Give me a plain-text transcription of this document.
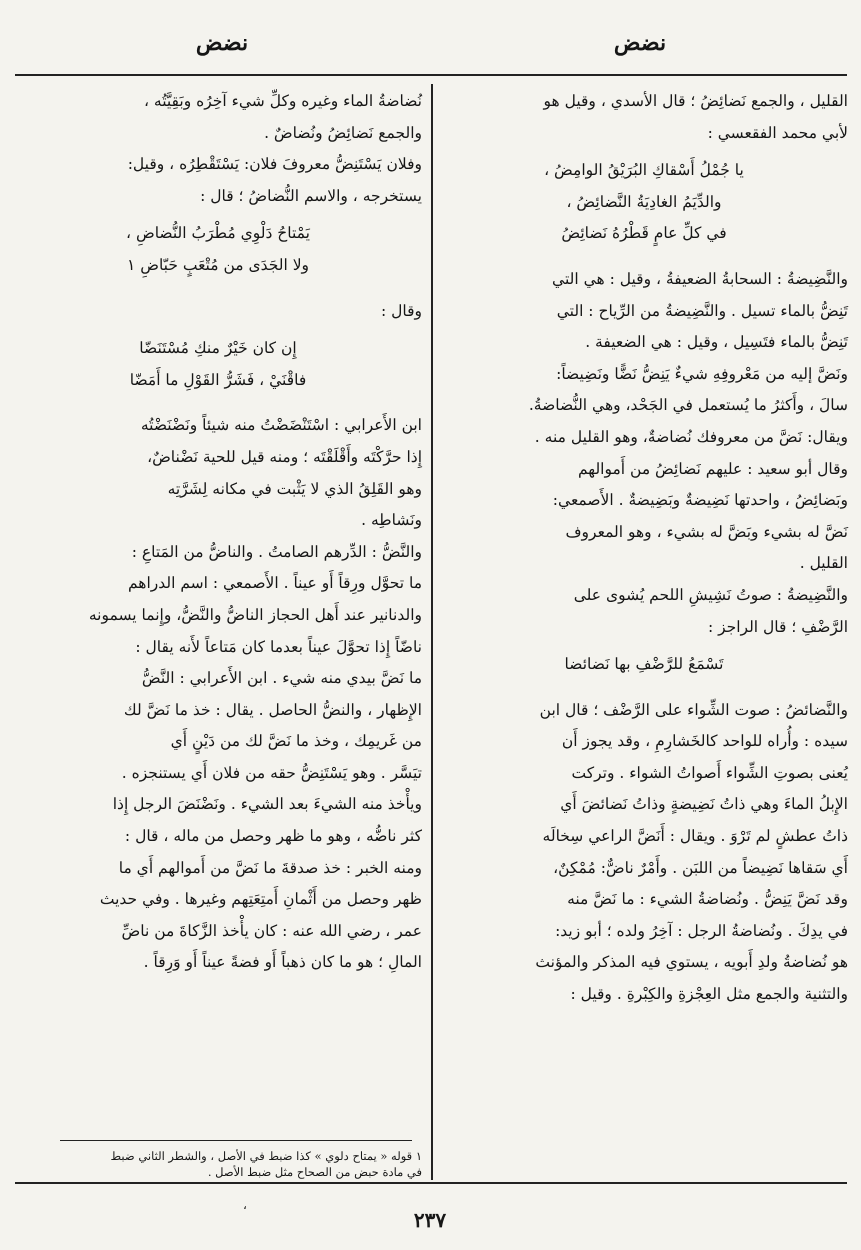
نضض	نضض

القليل ، والجمع نَضائِضُ ؛ قال الأسدي ، وقيل هو

لأبي محمد الفقعسي :

يا جُمْلُ أَسْقاكِ البُرَيْقُ الوامِضُ ،

والدِّيَمُ الغادِيَةُ النَّضائِضُ ،

في كلِّ عامٍ قَطْرُهُ نَضائِضُ

والنَّضِيضةُ : السحابةُ الضعيفةُ ، وقيل : هي التي

تَنِضُّ بالماء تسيل . والنَّضِيضةُ من الرِّياح : التي

تَنِضُّ بالماء فتَسِيل ، وقيل : هي الضعيفة .

ونَضَّ إليه من مَعْروفِهِ شيءٌ يَنِضُّ نَضًّا ونَضِيضاً:

سالَ ، وأَكثرُ ما يُستعمل في الجَحْد، وهي النُّضاضةُ.

ويقال: نَضَّ من معروفك نُضاضةٌ، وهو القليل منه .

وقال أبو سعيد : عليهم نَضائِضُ من أَموالهم

وبَضائِضُ ، واحدتها نَضِيضةٌ وبَضِيضةٌ . الأَصمعي:

نَضَّ له بشيء وبَضَّ له بشيء ، وهو المعروف

القليل .

والنَّضِيضةُ : صوتُ نَشِيشِ اللحم يُشوى على

الرَّضْفِ ؛ قال الراجز :

تَسْمَعُ للرَّضْفِ بها نَضائضا

والنَّضائضُ : صوت الشِّواء على الرَّضْف ؛ قال ابن

سيده : وأُراه للواحد كالخَشارِمِ ، وقد يجوز أَن

يُعنى بصوتِ الشِّواء أَصواتُ الشواء . وتركت

الإِبلُ الماءَ وهي ذاتُ نَضِيضةٍ وذاتُ نَضائضَ أَي

ذاتُ عطشٍ لم تَرْوَ . ويقال : أَنَضَّ الراعي سِخالَه

أَي سَقاها نَضِيضاً من اللبَن . وأَمْرٌ ناضٌّ: مُمْكِنٌ،

وقد نَضَّ يَنِضُّ . ونُضاضةُ الشيء : ما نَضَّ منه

في يدِكَ . ونُضاضةُ الرجل : آخِرُ ولده ؛ أبو زيد:

هو نُضاضةُ ولدِ أَبويه ، يستوي فيه المذكر والمؤنث

والتثنية والجمع مثل العِجْزةِ والكِبْرةِ . وقيل :

نُضاضةُ الماء وغيره وكلِّ شيء آخِرُه وبَقِيَّتُه ،

والجمع نَضائِضُ ونُضاضٌ .

وفلان يَسْتَنِضُّ معروفَ فلان: يَسْتَقْطِرُه ، وقيل:

يستخرجه ، والاسم النُّضاضُ ؛ قال :

يَمْتاحُ دَلْوِي مُطْرَبُ النُّضاضِ ،

ولا الجَدَى من مُتْعَبٍ حَبّاضِ ١

وقال :

إِن كان خَيْرٌ منكِ مُسْتَنَضّا

فاقْنَيْ ، فَشَرُّ القَوْلِ ما أَمَضّا

ابن الأَعرابي : اسْتَنْضَضْتُ منه شيئاً ونَضْنَضْتُه

إِذا حرَّكْتَه وأَقْلَقْتَه ؛ ومنه قيل للحية نَضْناضٌ،

وهو القَلِقُ الذي لا يَثْبت في مكانه لِشَرَّتِه

ونَشاطِه .

والنَّضُّ : الدِّرهم الصامتُ . والناضُّ من المَتاعِ :

ما تحوَّل ورِقاً أَو عيناً . الأَصمعي : اسم الدراهم

والدنانير عند أَهل الحجاز الناضُّ والنَّضُّ، وإِنما يسمونه

ناضّاً إِذا تحوَّلَ عيناً بعدما كان مَتاعاً لأَنه يقال :

ما نَضَّ بيدي منه شيء . ابن الأَعرابي : النَّضُّ

الإِظهار ، والنضُّ الحاصل . يقال : خذ ما نَضَّ لك

من غَريمِك ، وخذ ما نَضَّ لك من دَيْنٍ أَي

تيَسَّر . وهو يَسْتَنِضُّ حقه من فلان أَي يستنجزه .

ويأْخذ منه الشيءَ بعد الشيء . ونَضْنَضَ الرجل إِذا

كثر ناضُّه ، وهو ما ظهر وحصل من ماله ، قال :

ومنه الخبر : خذ صدقةَ ما نَضَّ من أَموالهم أَي ما

ظهر وحصل من أَثْمانِ أَمتِعَتِهم وغيرها . وفي حديث

عمر ، رضي الله عنه : كان يأْخذ الزَّكاةَ من ناضِّ

المالِ ؛ هو ما كان ذهباً أَو فضةً عيناً أَو وَرِقاً .

١ قوله « يمتاح دلوي » كذا ضبط في الأصل ، والشطر الثاني ضبط

في مادة حبض من الصحاح مثل ضبط الأصل .

،
٢٣٧
